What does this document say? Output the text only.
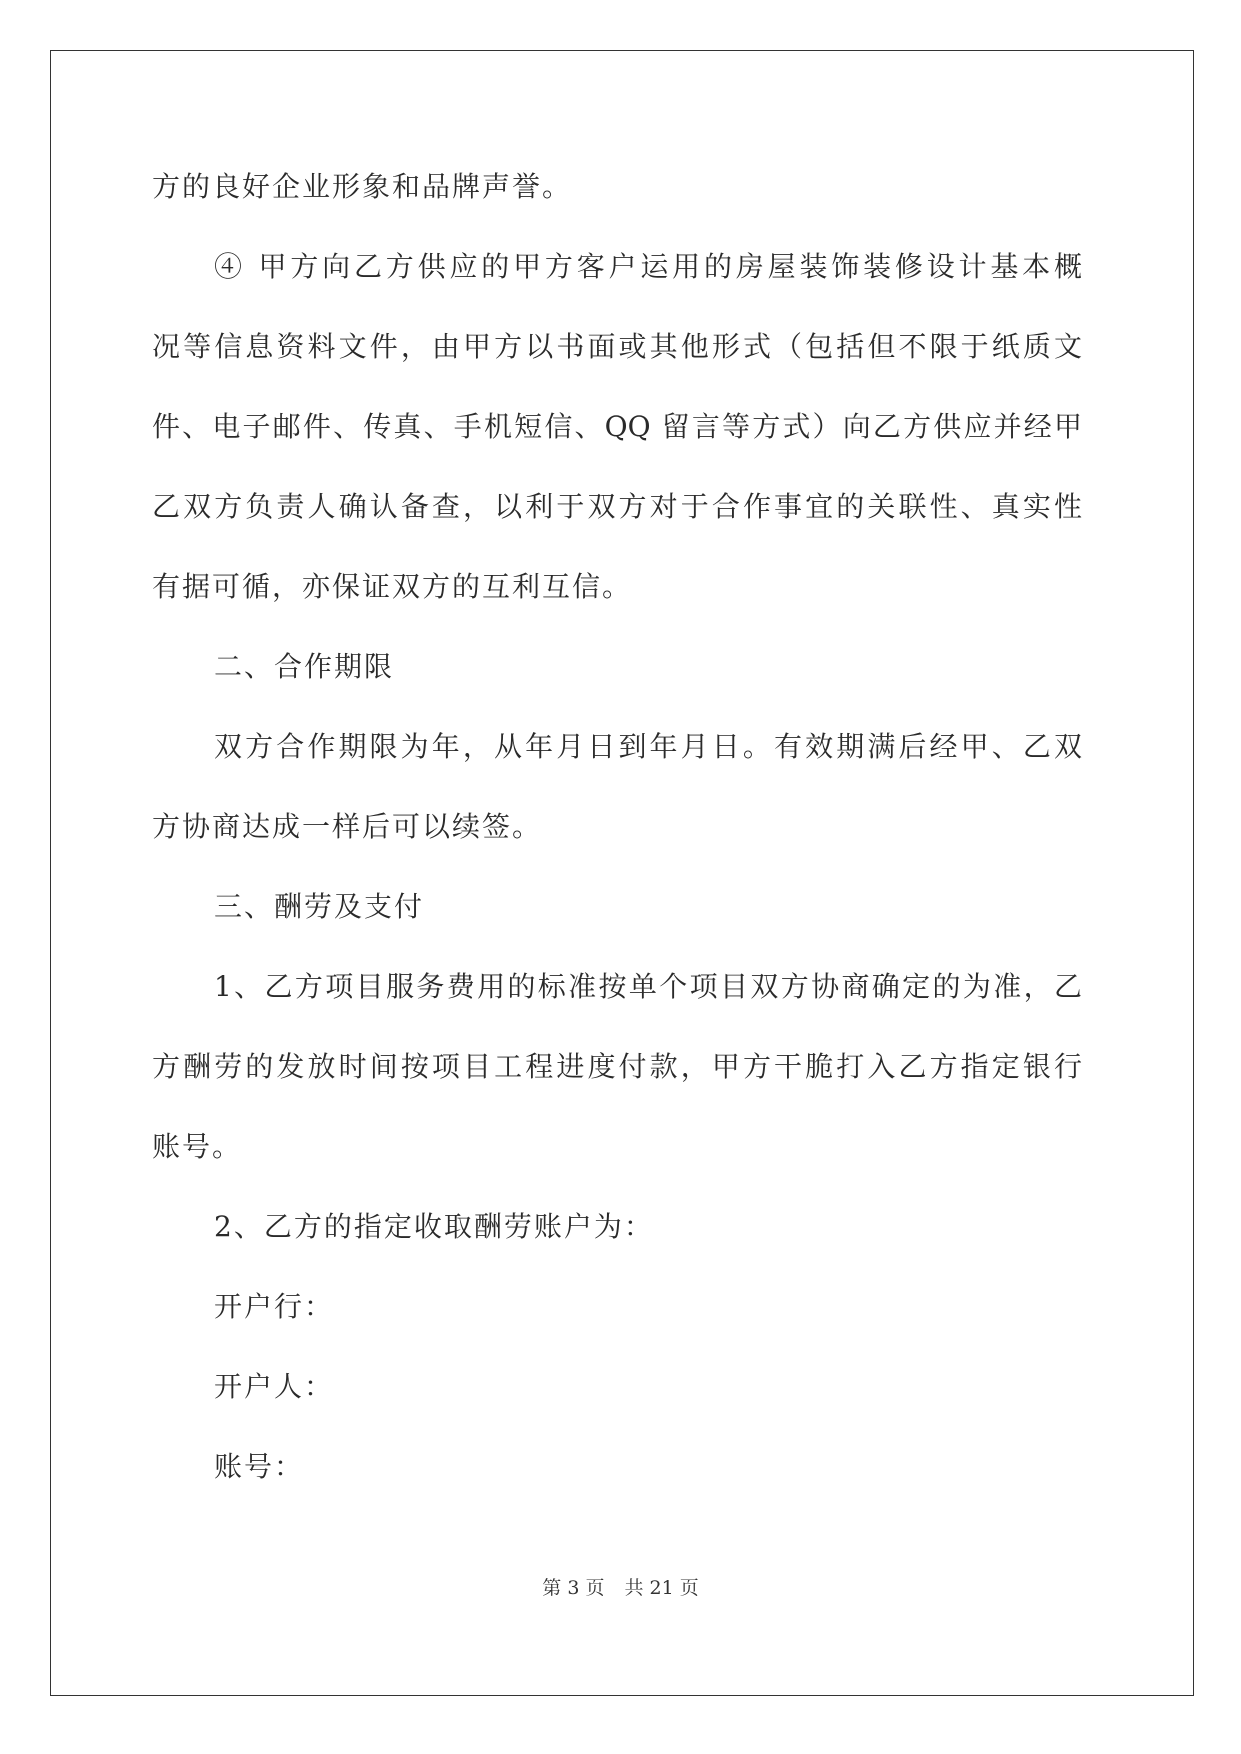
方的良好企业形象和品牌声誉。
④ 甲方向乙方供应的甲方客户运用的房屋装饰装修设计基本概
况等信息资料文件，由甲方以书面或其他形式（包括但不限于纸质文
件、电子邮件、传真、手机短信、QQ 留言等方式）向乙方供应并经甲
乙双方负责人确认备查，以利于双方对于合作事宜的关联性、真实性
有据可循，亦保证双方的互利互信。
二、合作期限
双方合作期限为年，从年月日到年月日。有效期满后经甲、乙双
方协商达成一样后可以续签。
三、酬劳及支付
1、乙方项目服务费用的标准按单个项目双方协商确定的为准，乙
方酬劳的发放时间按项目工程进度付款，甲方干脆打入乙方指定银行
账号。
2、乙方的指定收取酬劳账户为：
开户行：
开户人：
账号：
第 3 页 共 21 页
